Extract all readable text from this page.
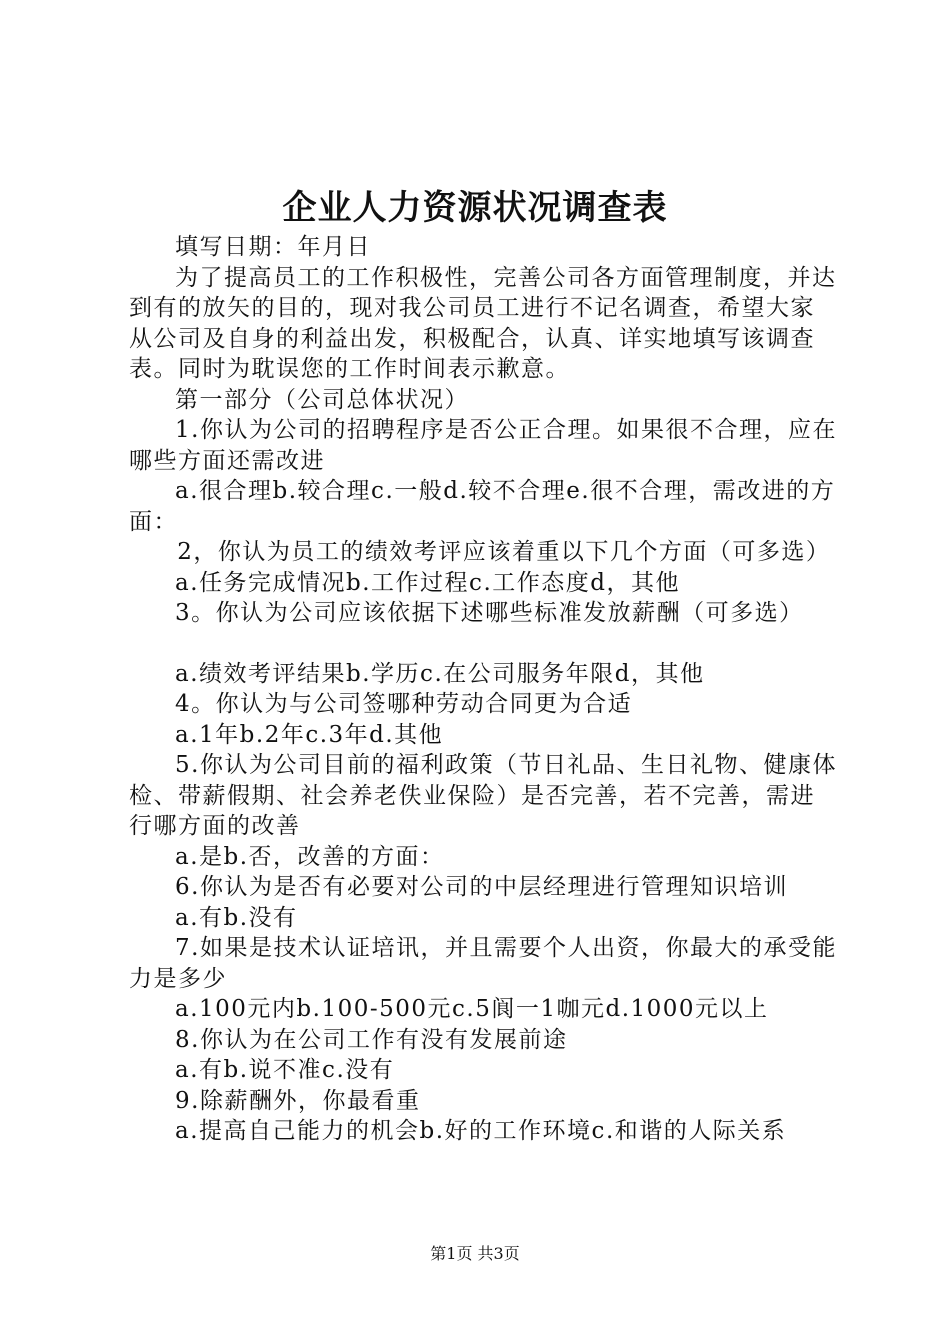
企业人力资源状况调查表

填写日期：年月日

为了提高员工的工作积极性，完善公司各方面管理制度，并达到有的放矢的目的，现对我公司员工进行不记名调查，希望大家从公司及自身的利益出发，积极配合，认真、详实地填写该调查表。同时为耽误您的工作时间表示歉意。

第一部分（公司总体状况）

1.你认为公司的招聘程序是否公正合理。如果很不合理，应在哪些方面还需改进

a.很合理b.较合理c.一般d.较不合理e.很不合理，需改进的方面：

2，你认为员工的绩效考评应该着重以下几个方面（可多选）

a.任务完成情况b.工作过程c.工作态度d，其他

3。你认为公司应该依据下述哪些标准发放薪酬（可多选）

a.绩效考评结果b.学历c.在公司服务年限d，其他

4。你认为与公司签哪种劳动合同更为合适

a.1年b.2年c.3年d.其他

5.你认为公司目前的福利政策（节日礼品、生日礼物、健康体检、带薪假期、社会养老佚业保险）是否完善，若不完善，需进行哪方面的改善

a.是b.否，改善的方面：

6.你认为是否有必要对公司的中层经理进行管理知识培训

a.有b.没有

7.如果是技术认证培讯，并且需要个人出资，你最大的承受能力是多少

a.100元内b.100-500元c.5阆一1咖元d.1000元以上

8.你认为在公司工作有没有发展前途

a.有b.说不准c.没有

9.除薪酬外，你最看重

a.提高自己能力的机会b.好的工作环境c.和谐的人际关系

第1页 共3页
